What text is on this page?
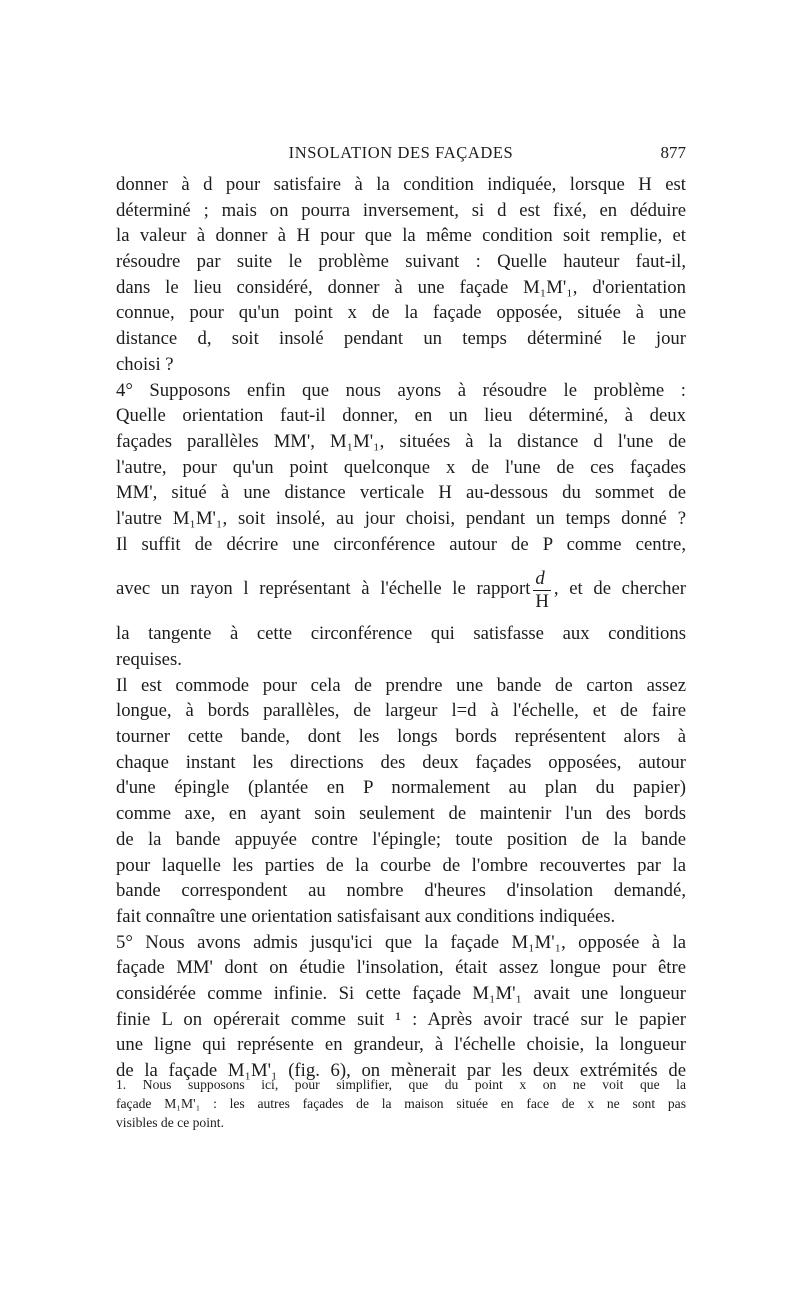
INSOLATION DES FAÇADES	877
donner à d pour satisfaire à la condition indiquée, lorsque H est
déterminé ; mais on pourra inversement, si d est fixé, en déduire
la valeur à donner à H pour que la même condition soit remplie, et
résoudre par suite le problème suivant : Quelle hauteur faut-il,
dans le lieu considéré, donner à une façade M₁M'₁, d'orientation
connue, pour qu'un point x de la façade opposée, située à une
distance d, soit insolé pendant un temps déterminé le jour
choisi ?
4° Supposons enfin que nous ayons à résoudre le problème :
Quelle orientation faut-il donner, en un lieu déterminé, à deux
façades parallèles MM', M₁M'₁, situées à la distance d l'une de
l'autre, pour qu'un point quelconque x de l'une de ces façades
MM', situé à une distance verticale H au-dessous du sommet de
l'autre M₁M'₁, soit insolé, au jour choisi, pendant un temps donné ?
Il suffit de décrire une circonférence autour de P comme centre,
avec un rayon l représentant à l'échelle le rapport $\frac{d}{H}$ , et de chercher
la tangente à cette circonférence qui satisfasse aux conditions
requises.
Il est commode pour cela de prendre une bande de carton assez
longue, à bords parallèles, de largeur l=d à l'échelle, et de faire
tourner cette bande, dont les longs bords représentent alors à
chaque instant les directions des deux façades opposées, autour
d'une épingle (plantée en P normalement au plan du papier)
comme axe, en ayant soin seulement de maintenir l'un des bords
de la bande appuyée contre l'épingle; toute position de la bande
pour laquelle les parties de la courbe de l'ombre recouvertes par la
bande correspondent au nombre d'heures d'insolation demandé,
fait connaître une orientation satisfaisant aux conditions indiquées.
5° Nous avons admis jusqu'ici que la façade M₁M'₁, opposée à la
façade MM' dont on étudie l'insolation, était assez longue pour être
considérée comme infinie. Si cette façade M₁M'₁ avait une longueur
finie L on opérerait comme suit ¹ : Après avoir tracé sur le papier
une ligne qui représente en grandeur, à l'échelle choisie, la longueur
de la façade M₁M'₁ (fig. 6), on mènerait par les deux extrémités de
1. Nous supposons ici, pour simplifier, que du point x on ne voit que la
façade M₁M'₁ : les autres façades de la maison située en face de x ne sont pas
visibles de ce point.
